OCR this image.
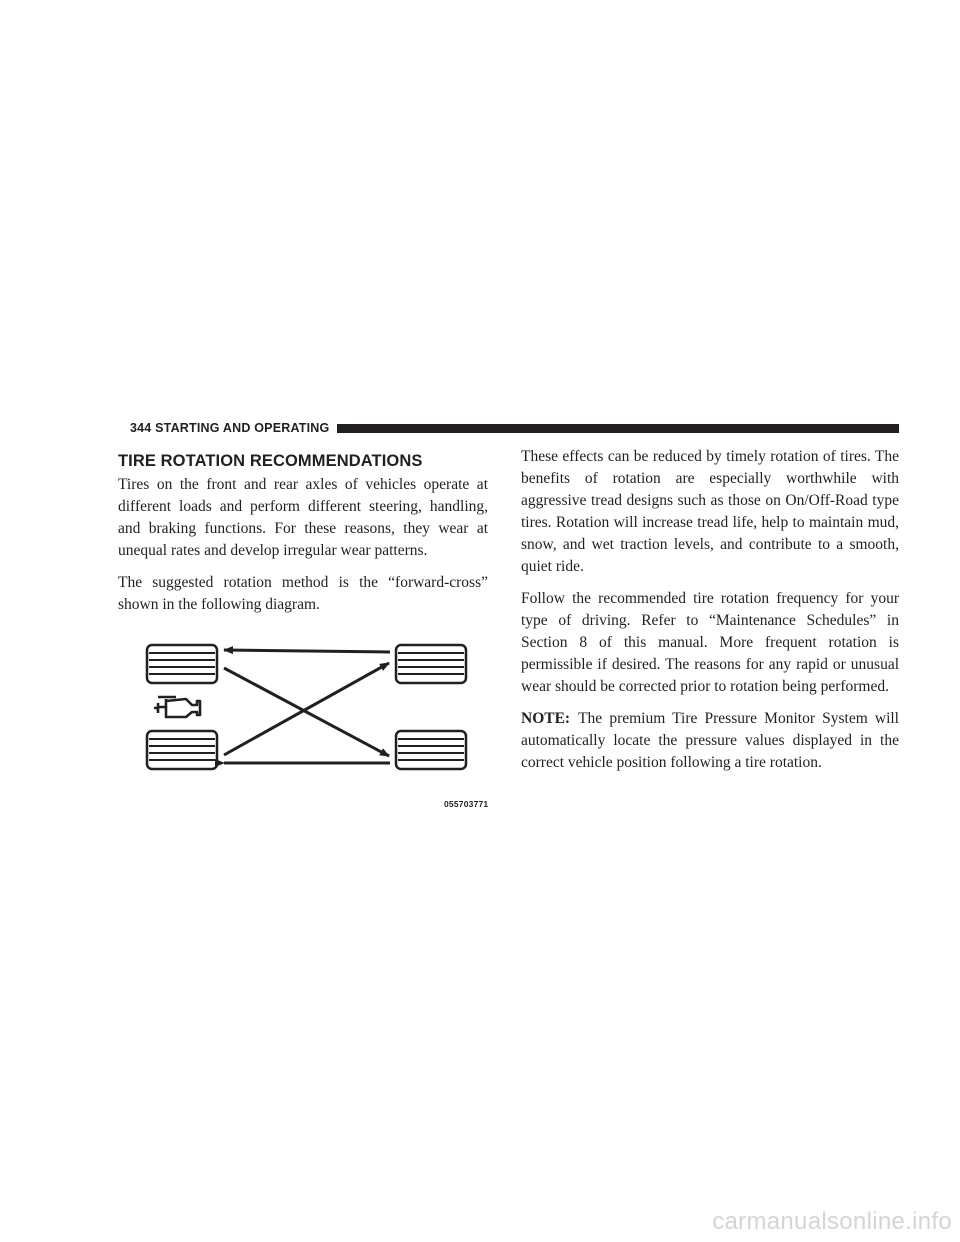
344 STARTING AND OPERATING
TIRE ROTATION RECOMMENDATIONS

Tires on the front and rear axles of vehicles operate at different loads and perform different steering, handling, and braking functions. For these reasons, they wear at unequal rates and develop irregular wear patterns.

The suggested rotation method is the “forward-cross” shown in the following diagram.

055703771

These effects can be reduced by timely rotation of tires. The benefits of rotation are especially worthwhile with aggressive tread designs such as those on On/Off-Road type tires. Rotation will increase tread life, help to maintain mud, snow, and wet traction levels, and contribute to a smooth, quiet ride.

Follow the recommended tire rotation frequency for your type of driving. Refer to “Maintenance Schedules” in Section 8 of this manual. More frequent rotation is permissible if desired. The reasons for any rapid or unusual wear should be corrected prior to rotation being performed.

NOTE: The premium Tire Pressure Monitor System will automatically locate the pressure values displayed in the correct vehicle position following a tire rotation.

carmanualsonline.info
